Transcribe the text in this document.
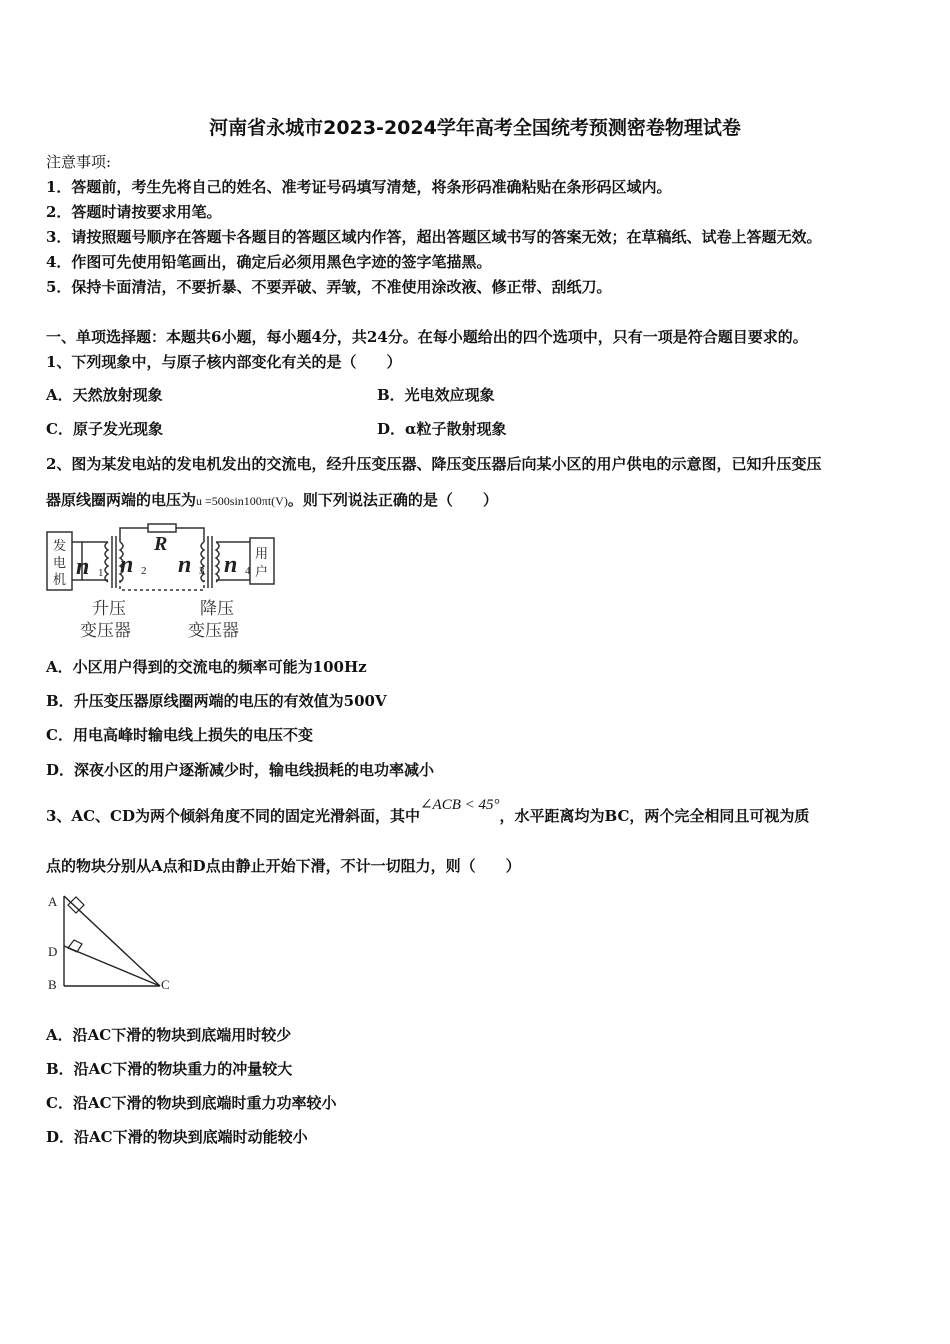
河南省永城市2023-2024学年高考全国统考预测密卷物理试卷
注意事项:
1．答题前，考生先将自己的姓名、准考证号码填写清楚，将条形码准确粘贴在条形码区域内。
2．答题时请按要求用笔。
3．请按照题号顺序在答题卡各题目的答题区域内作答，超出答题区域书写的答案无效；在草稿纸、试卷上答题无效。
4．作图可先使用铅笔画出，确定后必须用黑色字迹的签字笔描黑。
5．保持卡面清洁，不要折暴、不要弄破、弄皱，不准使用涂改液、修正带、刮纸刀。
一、单项选择题：本题共6小题，每小题4分，共24分。在每小题给出的四个选项中，只有一项是符合题目要求的。
1、下列现象中，与原子核内部变化有关的是（　　）
A．天然放射现象	B．光电效应现象
C．原子发光现象	D．α粒子散射现象
2、图为某发电站的发电机发出的交流电，经升压变压器、降压变压器后向某小区的用户供电的示意图，已知升压变压
器原线圈两端的电压为u =500sin100πt(V)。则下列说法正确的是（　　）
发
电
机
用
户
R
n 1 n 2 n 3 n 4
升压
变压器
降压
变压器
A．小区用户得到的交流电的频率可能为100Hz
B．升压变压器原线圈两端的电压的有效值为500V
C．用电高峰时输电线上损失的电压不变
D．深夜小区的用户逐渐减少时，输电线损耗的电功率减小
3、AC、CD为两个倾斜角度不同的固定光滑斜面，其中∠ACB < 45°，水平距离均为BC，两个完全相同且可视为质
点的物块分别从A点和D点由静止开始下滑，不计一切阻力，则（　　）
A
D
B	C
A．沿AC下滑的物块到底端用时较少
B．沿AC下滑的物块重力的冲量较大
C．沿AC下滑的物块到底端时重力功率较小
D．沿AC下滑的物块到底端时动能较小
